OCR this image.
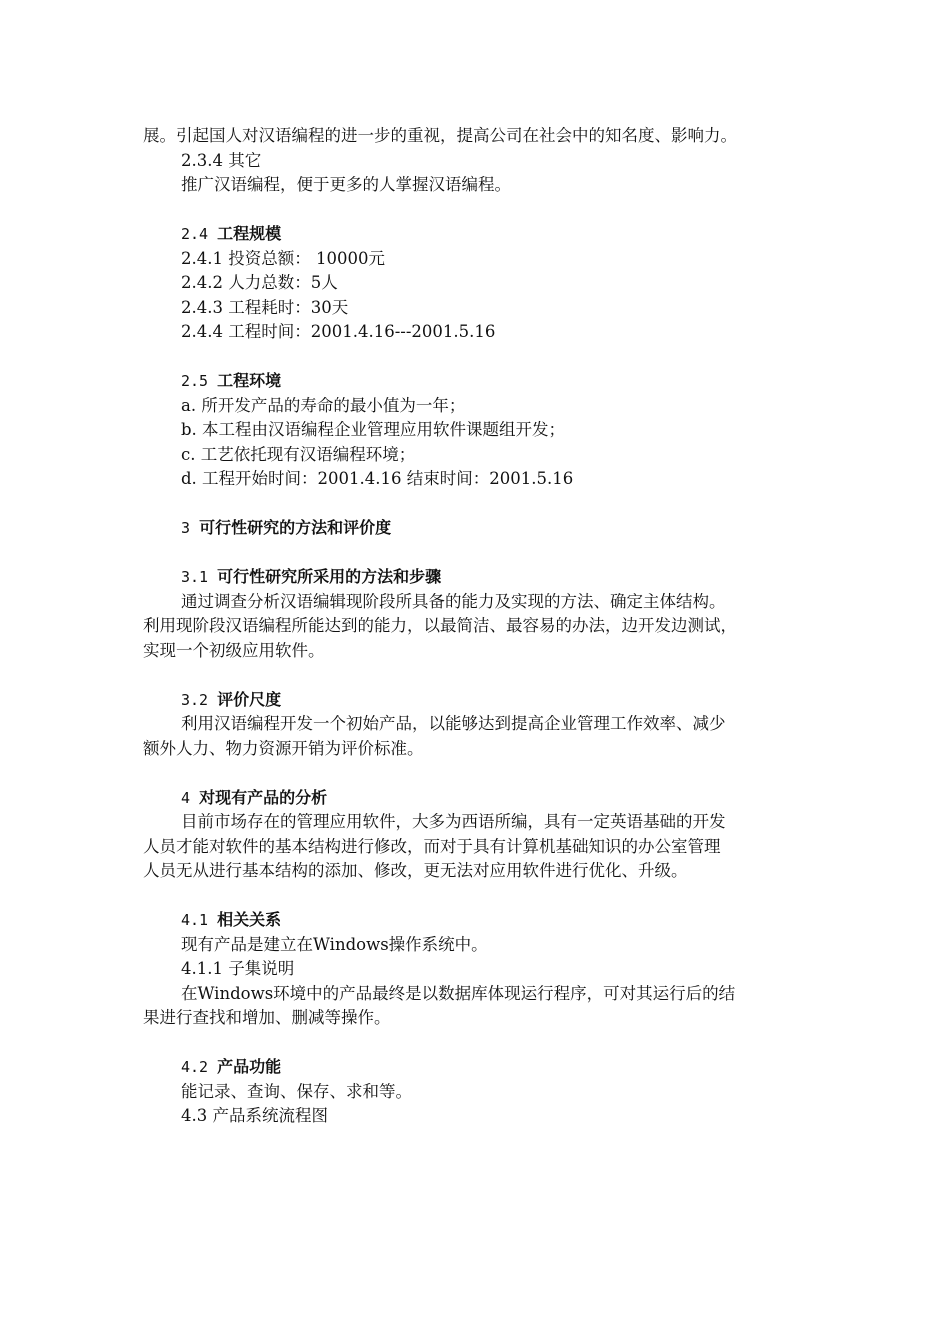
展。引起国人对汉语编程的进一步的重视，提高公司在社会中的知名度、影响力。
2.3.4 其它
推广汉语编程，便于更多的人掌握汉语编程。
2.4 工程规模
2.4.1 投资总额： 10000元
2.4.2 人力总数：5人
2.4.3 工程耗时：30天
2.4.4 工程时间：2001.4.16---2001.5.16
2.5 工程环境
a. 所开发产品的寿命的最小值为一年；
b. 本工程由汉语编程企业管理应用软件课题组开发；
c. 工艺依托现有汉语编程环境；
d. 工程开始时间：2001.4.16 结束时间：2001.5.16
3 可行性研究的方法和评价度
3.1 可行性研究所采用的方法和步骤
通过调查分析汉语编辑现阶段所具备的能力及实现的方法、确定主体结构。
利用现阶段汉语编程所能达到的能力，以最简洁、最容易的办法，边开发边测试，
实现一个初级应用软件。
3.2 评价尺度
利用汉语编程开发一个初始产品，以能够达到提高企业管理工作效率、减少
额外人力、物力资源开销为评价标准。
4 对现有产品的分析
目前市场存在的管理应用软件，大多为西语所编，具有一定英语基础的开发
人员才能对软件的基本结构进行修改，而对于具有计算机基础知识的办公室管理
人员无从进行基本结构的添加、修改，更无法对应用软件进行优化、升级。
4.1 相关关系
现有产品是建立在Windows操作系统中。
4.1.1 子集说明
在Windows环境中的产品最终是以数据库体现运行程序，可对其运行后的结
果进行查找和增加、删减等操作。
4.2 产品功能
能记录、查询、保存、求和等。
4.3 产品系统流程图
